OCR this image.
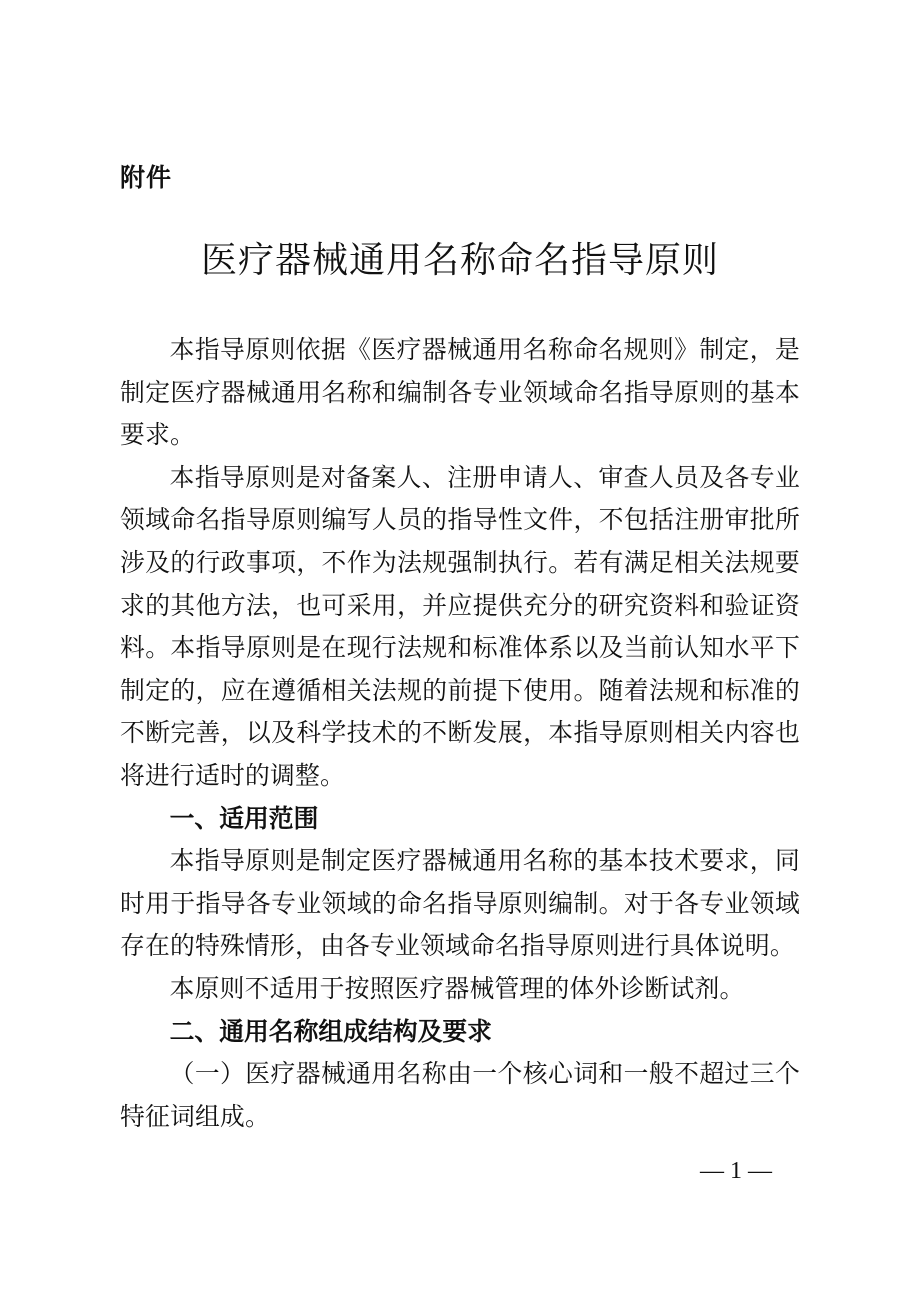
附件
医疗器械通用名称命名指导原则

本指导原则依据《医疗器械通用名称命名规则》制定，是制定医疗器械通用名称和编制各专业领域命名指导原则的基本要求。

本指导原则是对备案人、注册申请人、审查人员及各专业领域命名指导原则编写人员的指导性文件，不包括注册审批所涉及的行政事项，不作为法规强制执行。若有满足相关法规要求的其他方法，也可采用，并应提供充分的研究资料和验证资料。本指导原则是在现行法规和标准体系以及当前认知水平下制定的，应在遵循相关法规的前提下使用。随着法规和标准的不断完善，以及科学技术的不断发展，本指导原则相关内容也将进行适时的调整。

一、适用范围

本指导原则是制定医疗器械通用名称的基本技术要求，同时用于指导各专业领域的命名指导原则编制。对于各专业领域存在的特殊情形，由各专业领域命名指导原则进行具体说明。

本原则不适用于按照医疗器械管理的体外诊断试剂。

二、通用名称组成结构及要求

（一）医疗器械通用名称由一个核心词和一般不超过三个特征词组成。

— 1 —
